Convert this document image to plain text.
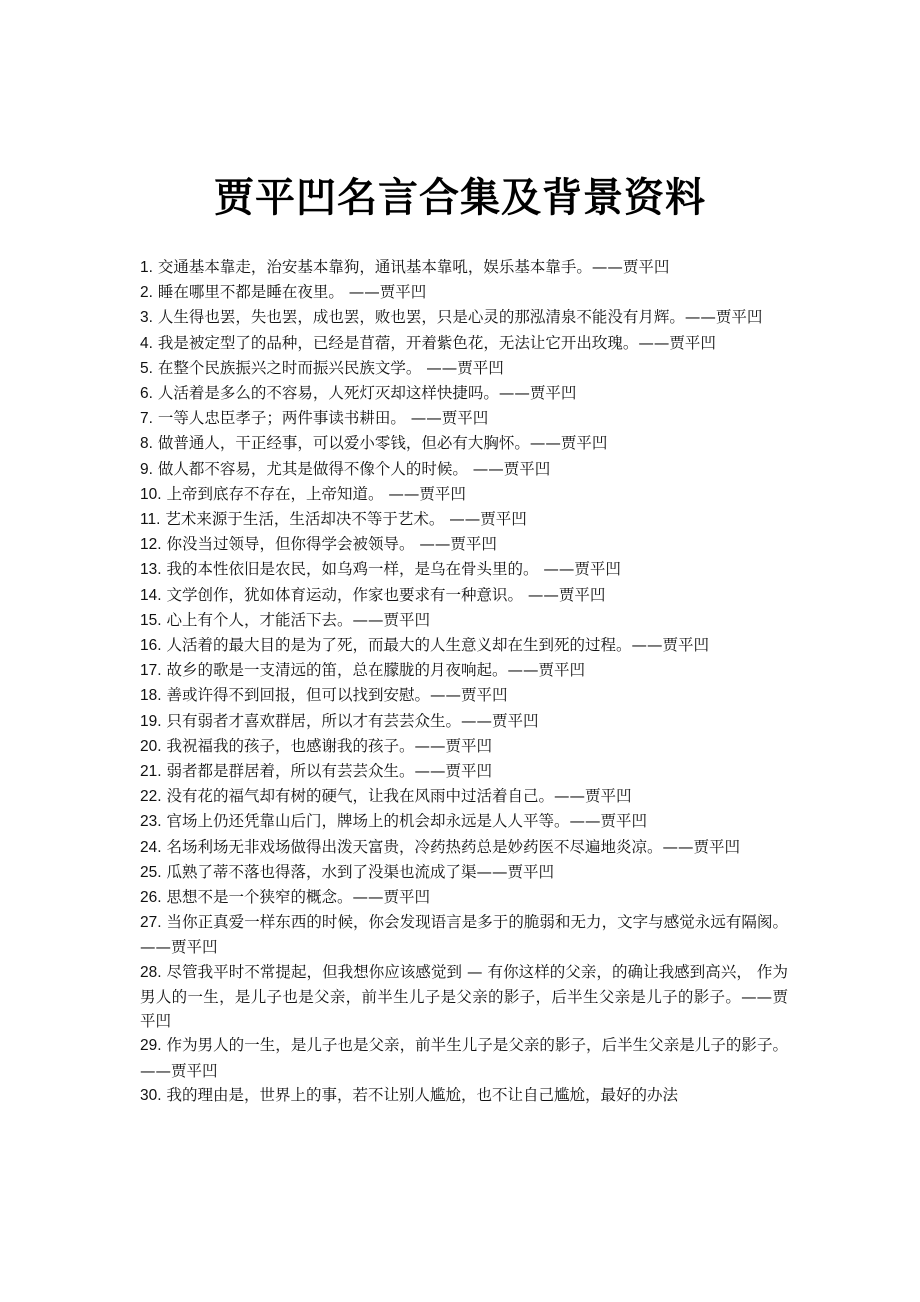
贾平凹名言合集及背景资料

1. 交通基本靠走，治安基本靠狗，通讯基本靠吼，娱乐基本靠手。——贾平凹

2. 睡在哪里不都是睡在夜里。 ——贾平凹

3. 人生得也罢，失也罢，成也罢，败也罢，只是心灵的那泓清泉不能没有月辉。——贾平凹

4. 我是被定型了的品种，已经是苜蓿，开着紫色花，无法让它开出玫瑰。——贾平凹

5. 在整个民族振兴之时而振兴民族文学。 ——贾平凹

6. 人活着是多么的不容易，人死灯灭却这样快捷吗。——贾平凹

7. 一等人忠臣孝子；两件事读书耕田。 ——贾平凹

8. 做普通人，干正经事，可以爱小零钱，但必有大胸怀。——贾平凹

9. 做人都不容易，尤其是做得不像个人的时候。 ——贾平凹

10. 上帝到底存不存在，上帝知道。 ——贾平凹

11. 艺术来源于生活，生活却决不等于艺术。 ——贾平凹

12. 你没当过领导，但你得学会被领导。 ——贾平凹

13. 我的本性依旧是农民，如乌鸡一样，是乌在骨头里的。 ——贾平凹

14. 文学创作，犹如体育运动，作家也要求有一种意识。 ——贾平凹

15. 心上有个人，才能活下去。——贾平凹

16. 人活着的最大目的是为了死，而最大的人生意义却在生到死的过程。——贾平凹

17. 故乡的歌是一支清远的笛，总在朦胧的月夜响起。——贾平凹

18. 善或许得不到回报，但可以找到安慰。——贾平凹

19. 只有弱者才喜欢群居，所以才有芸芸众生。——贾平凹

20. 我祝福我的孩子，也感谢我的孩子。——贾平凹

21. 弱者都是群居着，所以有芸芸众生。——贾平凹

22. 没有花的福气却有树的硬气，让我在风雨中过活着自己。——贾平凹

23. 官场上仍还凭靠山后门，牌场上的机会却永远是人人平等。——贾平凹

24. 名场利场无非戏场做得出泼天富贵，冷药热药总是妙药医不尽遍地炎凉。——贾平凹

25. 瓜熟了蒂不落也得落，水到了没渠也流成了渠——贾平凹

26. 思想不是一个狭窄的概念。——贾平凹

27. 当你正真爱一样东西的时候，你会发现语言是多于的脆弱和无力，文字与感觉永远有隔阂。——贾平凹

28. 尽管我平时不常提起，但我想你应该感觉到 — 有你这样的父亲，的确让我感到高兴， 作为男人的一生，是儿子也是父亲，前半生儿子是父亲的影子，后半生父亲是儿子的影子。——贾平凹

29. 作为男人的一生，是儿子也是父亲，前半生儿子是父亲的影子，后半生父亲是儿子的影子。——贾平凹

30. 我的理由是，世界上的事，若不让别人尴尬，也不让自己尴尬，最好的办法
